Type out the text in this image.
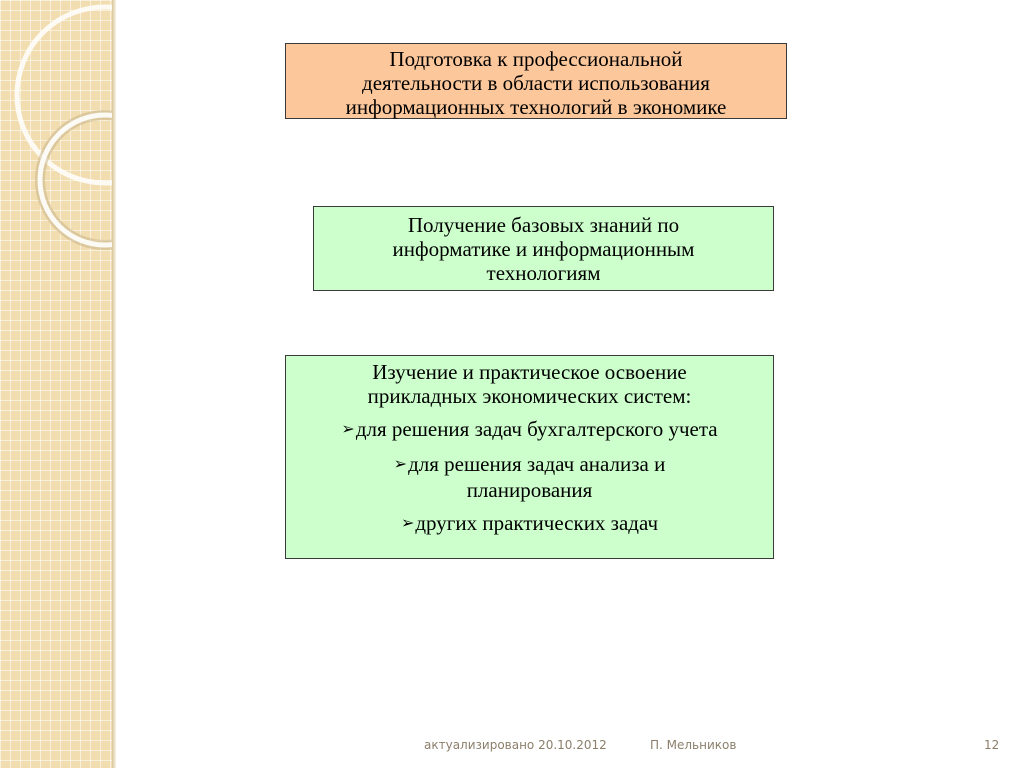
Подготовка к профессиональной
деятельности в области использования
информационных технологий в экономике
Получение базовых знаний по
информатике и информационным
технологиям
Изучение и практическое освоение
прикладных экономических систем:
➢для решения задач бухгалтерского учета
➢для решения задач анализа и планирования
➢других практических задач
актуализировано 20.10.2012	П. Мельников	12
